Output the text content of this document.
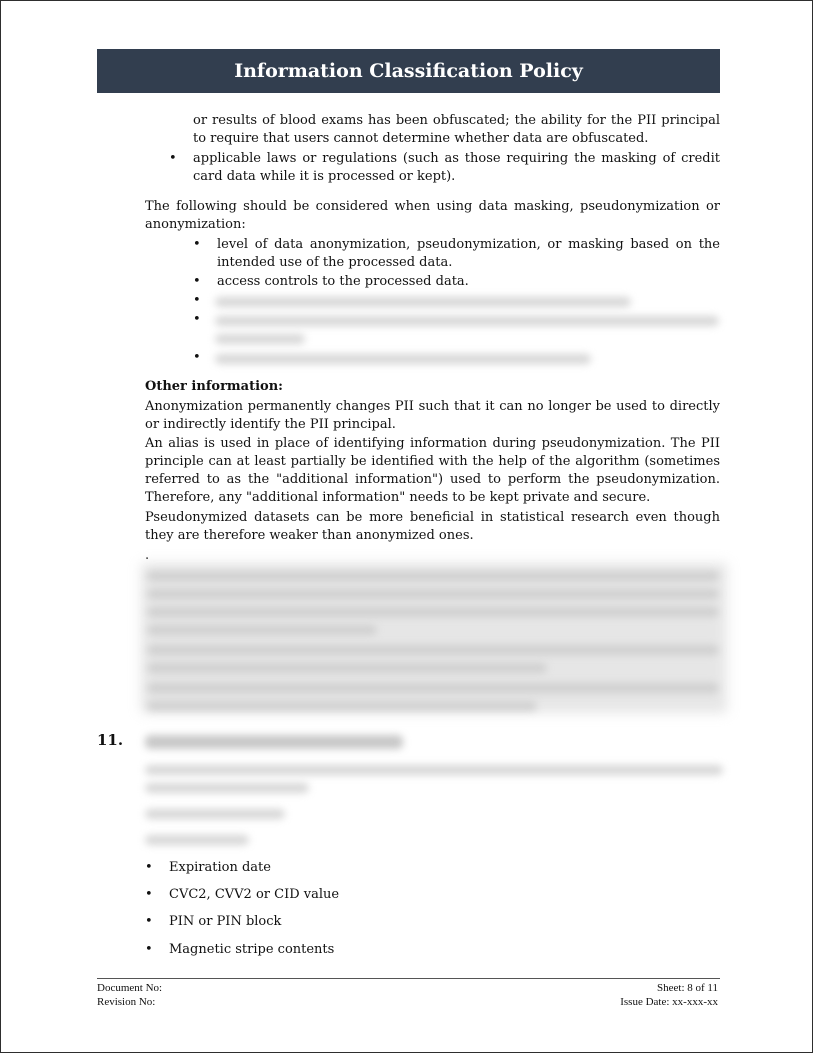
Information Classification Policy
or results of blood exams has been obfuscated; the ability for the PII principal to require that users cannot determine whether data are obfuscated.
• applicable laws or regulations (such as those requiring the masking of credit card data while it is processed or kept).
The following should be considered when using data masking, pseudonymization or anonymization:
• level of data anonymization, pseudonymization, or masking based on the intended use of the processed data.
• access controls to the processed data.
•
•
•
Other information:
Anonymization permanently changes PII such that it can no longer be used to directly or indirectly identify the PII principal.
An alias is used in place of identifying information during pseudonymization. The PII principle can at least partially be identified with the help of the algorithm (sometimes referred to as the "additional information") used to perform the pseudonymization. Therefore, any "additional information" needs to be kept private and secure.
Pseudonymized datasets can be more beneficial in statistical research even though they are therefore weaker than anonymized ones.
.
11.
• Expiration date
• CVC2, CVV2 or CID value
• PIN or PIN block
• Magnetic stripe contents
Document No:
Revision No:
Sheet: 8 of 11
Issue Date: xx-xxx-xx
